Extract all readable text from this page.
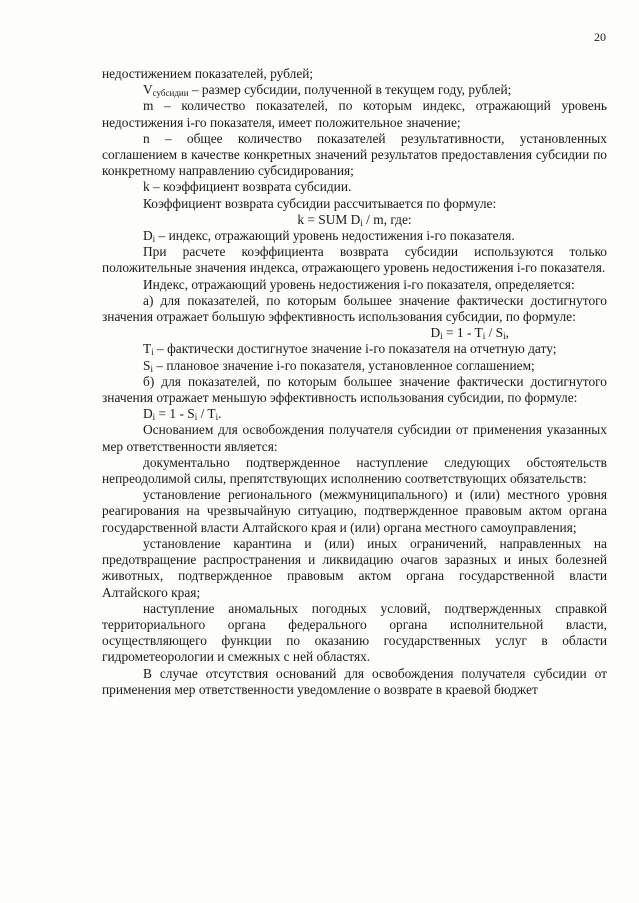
20

недостижением показателей, рублей;

$V_{субсидии}$ – размер субсидии, полученной в текущем году, рублей;

m – количество показателей, по которым индекс, отражающий уровень недостижения i-го показателя, имеет положительное значение;

n – общее количество показателей результативности, установленных соглашением в качестве конкретных значений результатов предоставления субсидии по конкретному направлению субсидирования;

k – коэффициент возврата субсидии.

Коэффициент возврата субсидии рассчитывается по формуле:

k = SUM $D_i$ / m, где:

$D_i$ – индекс, отражающий уровень недостижения i-го показателя.

При расчете коэффициента возврата субсидии используются только положительные значения индекса, отражающего уровень недостижения i-го показателя.

Индекс, отражающий уровень недостижения i-го показателя, определяется:

а) для показателей, по которым большее значение фактически достигнутого значения отражает большую эффективность использования субсидии, по формуле:

$D_i = 1 - T_i / S_i$,

$T_i$ – фактически достигнутое значение i-го показателя на отчетную дату;

$S_i$ – плановое значение i-го показателя, установленное соглашением;

б) для показателей, по которым большее значение фактически достигнутого значения отражает меньшую эффективность использования субсидии, по формуле:

$D_i = 1 - S_i / T_i$.

Основанием для освобождения получателя субсидии от применения указанных мер ответственности является:

документально подтвержденное наступление следующих обстоятельств непреодолимой силы, препятствующих исполнению соответствующих обязательств:

установление регионального (межмуниципального) и (или) местного уровня реагирования на чрезвычайную ситуацию, подтвержденное правовым актом органа государственной власти Алтайского края и (или) органа местного самоуправления;

установление карантина и (или) иных ограничений, направленных на предотвращение распространения и ликвидацию очагов заразных и иных болезней животных, подтвержденное правовым актом органа государственной власти Алтайского края;

наступление аномальных погодных условий, подтвержденных справкой территориального органа федерального органа исполнительной власти, осуществляющего функции по оказанию государственных услуг в области гидрометеорологии и смежных с ней областях.

В случае отсутствия оснований для освобождения получателя субсидии от применения мер ответственности уведомление о возврате в краевой бюджет
